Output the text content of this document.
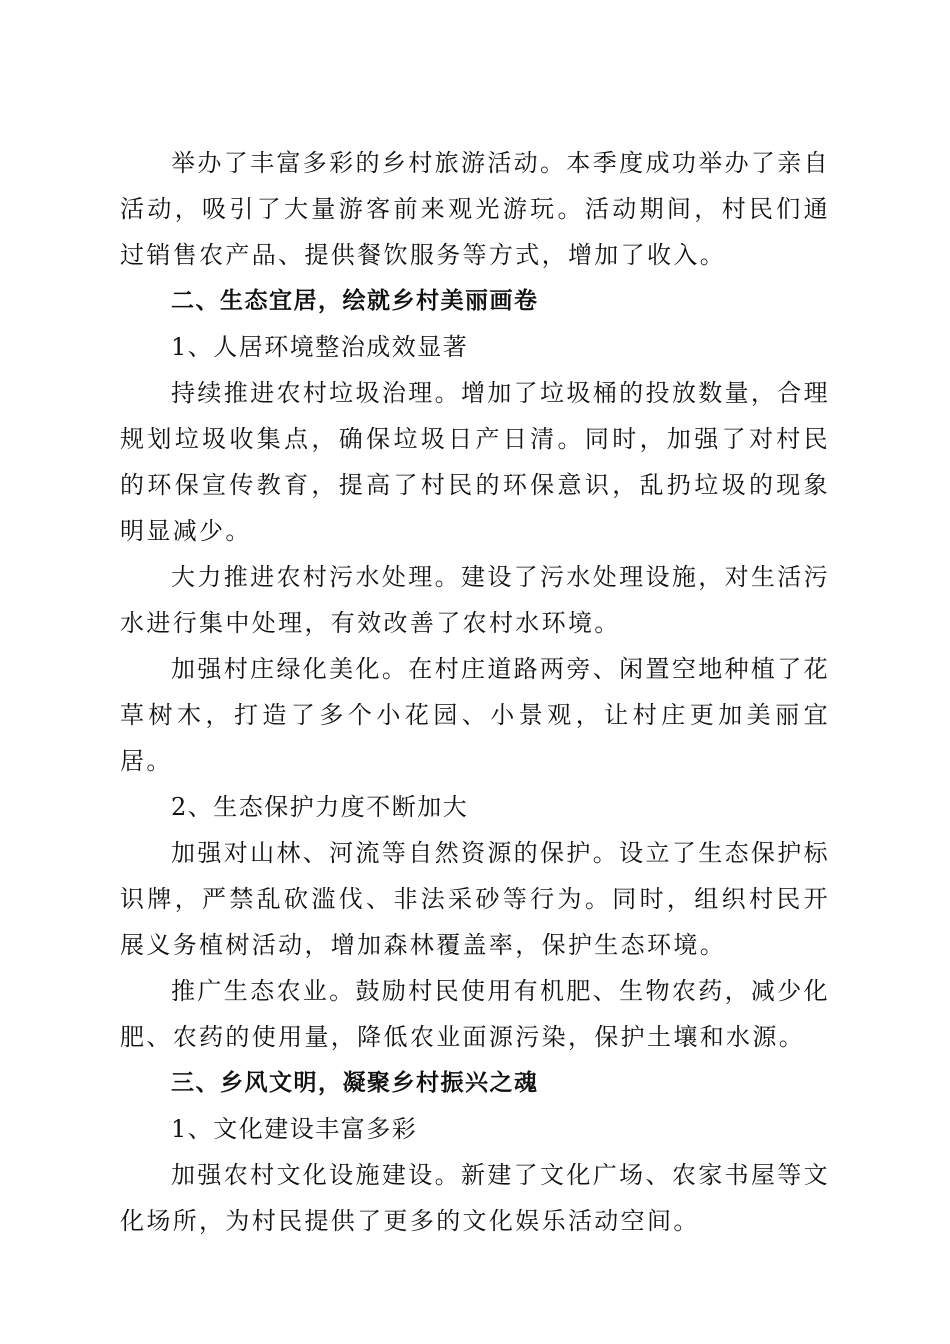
举办了丰富多彩的乡村旅游活动。本季度成功举办了亲自活动，吸引了大量游客前来观光游玩。活动期间，村民们通过销售农产品、提供餐饮服务等方式，增加了收入。

二、生态宜居，绘就乡村美丽画卷

1、人居环境整治成效显著

持续推进农村垃圾治理。增加了垃圾桶的投放数量，合理规划垃圾收集点，确保垃圾日产日清。同时，加强了对村民的环保宣传教育，提高了村民的环保意识，乱扔垃圾的现象明显减少。

大力推进农村污水处理。建设了污水处理设施，对生活污水进行集中处理，有效改善了农村水环境。

加强村庄绿化美化。在村庄道路两旁、闲置空地种植了花草树木，打造了多个小花园、小景观，让村庄更加美丽宜居。

2、生态保护力度不断加大

加强对山林、河流等自然资源的保护。设立了生态保护标识牌，严禁乱砍滥伐、非法采砂等行为。同时，组织村民开展义务植树活动，增加森林覆盖率，保护生态环境。

推广生态农业。鼓励村民使用有机肥、生物农药，减少化肥、农药的使用量，降低农业面源污染，保护土壤和水源。

三、乡风文明，凝聚乡村振兴之魂

1、文化建设丰富多彩

加强农村文化设施建设。新建了文化广场、农家书屋等文化场所，为村民提供了更多的文化娱乐活动空间。
